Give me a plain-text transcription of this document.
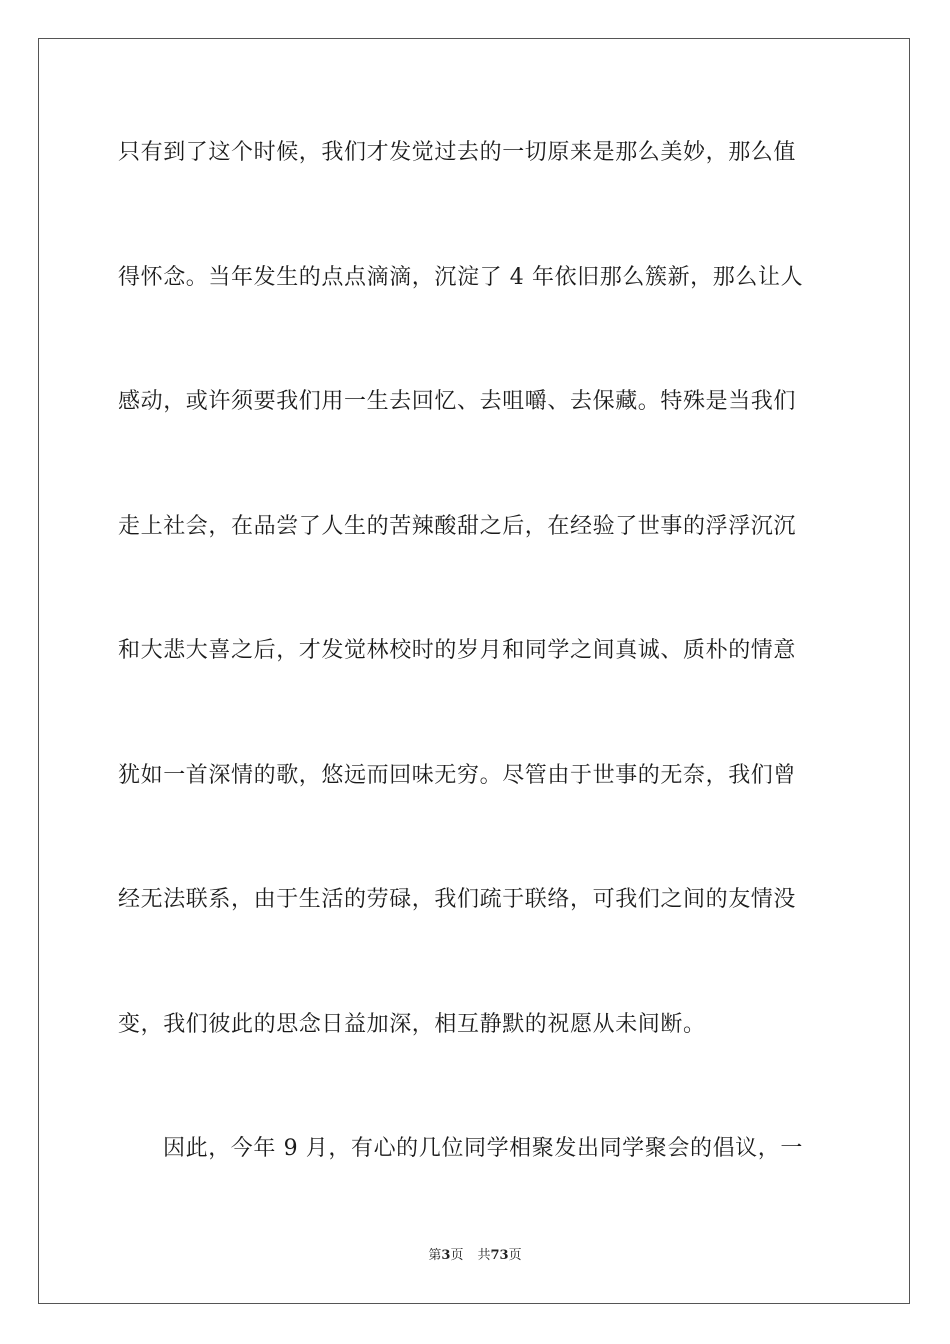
只有到了这个时候，我们才发觉过去的一切原来是那么美妙，那么值
得怀念。当年发生的点点滴滴，沉淀了 4 年依旧那么簇新，那么让人
感动，或许须要我们用一生去回忆、去咀嚼、去保藏。特殊是当我们
走上社会，在品尝了人生的苦辣酸甜之后，在经验了世事的浮浮沉沉
和大悲大喜之后，才发觉林校时的岁月和同学之间真诚、质朴的情意
犹如一首深情的歌，悠远而回味无穷。尽管由于世事的无奈，我们曾
经无法联系，由于生活的劳碌，我们疏于联络，可我们之间的友情没
变，我们彼此的思念日益加深，相互静默的祝愿从未间断。
因此，今年 9 月，有心的几位同学相聚发出同学聚会的倡议，一
第3页 共73页
